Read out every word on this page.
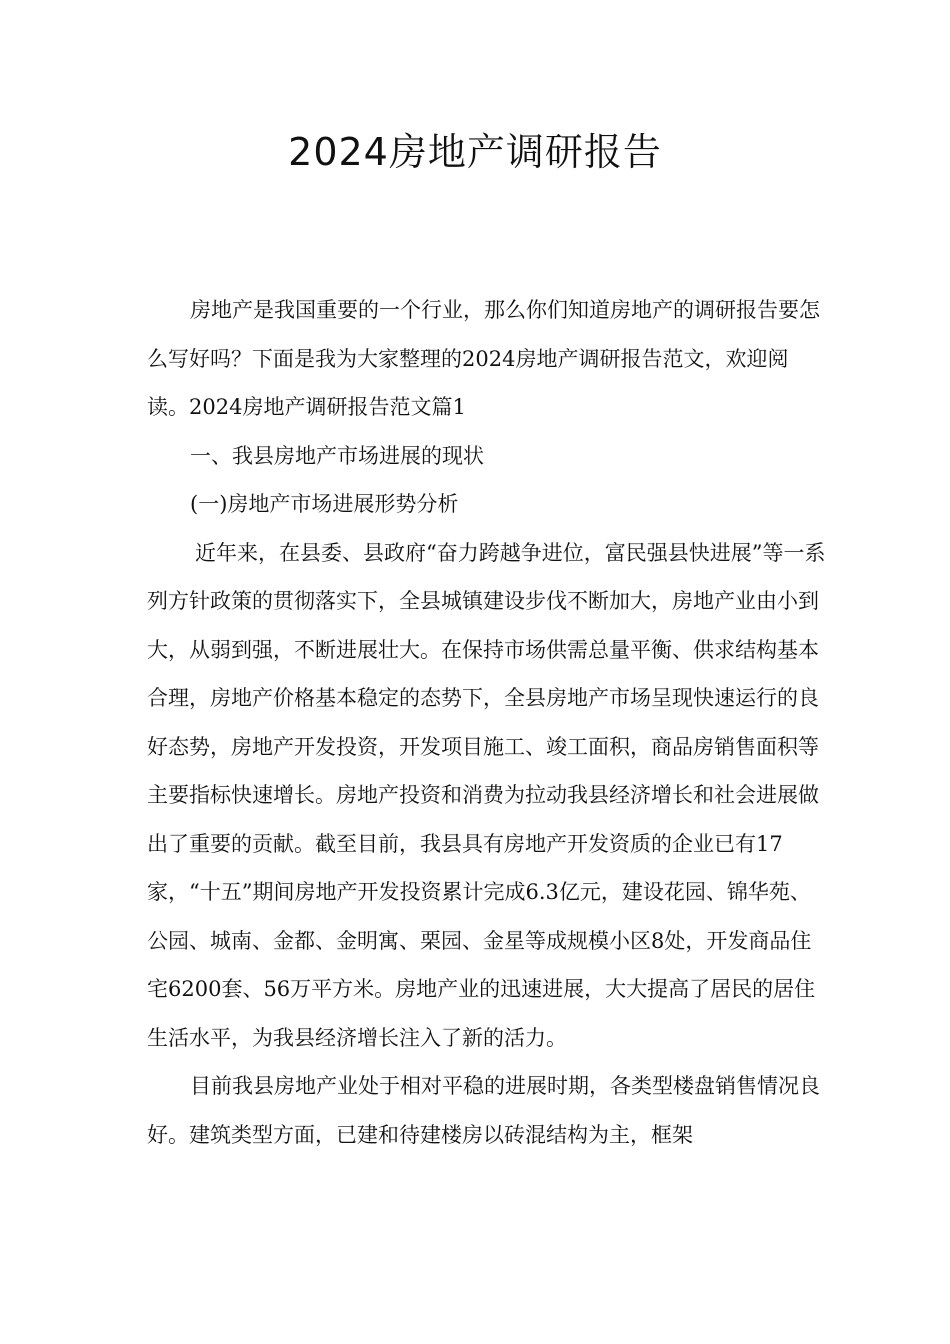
2024房地产调研报告

房地产是我国重要的一个行业，那么你们知道房地产的调研报告要怎么写好吗？下面是我为大家整理的2024房地产调研报告范文，欢迎阅读。2024房地产调研报告范文篇1

一、我县房地产市场进展的现状

(一)房地产市场进展形势分析

近年来，在县委、县政府“奋力跨越争进位，富民强县快进展”等一系列方针政策的贯彻落实下，全县城镇建设步伐不断加大，房地产业由小到大，从弱到强，不断进展壮大。在保持市场供需总量平衡、供求结构基本合理，房地产价格基本稳定的态势下，全县房地产市场呈现快速运行的良好态势，房地产开发投资，开发项目施工、竣工面积，商品房销售面积等主要指标快速增长。房地产投资和消费为拉动我县经济增长和社会进展做出了重要的贡献。截至目前，我县具有房地产开发资质的企业已有17家，“十五”期间房地产开发投资累计完成6.3亿元，建设花园、锦华苑、公园、城南、金都、金明寓、栗园、金星等成规模小区8处，开发商品住宅6200套、56万平方米。房地产业的迅速进展，大大提高了居民的居住生活水平，为我县经济增长注入了新的活力。

目前我县房地产业处于相对平稳的进展时期，各类型楼盘销售情况良好。建筑类型方面，已建和待建楼房以砖混结构为主，框架
